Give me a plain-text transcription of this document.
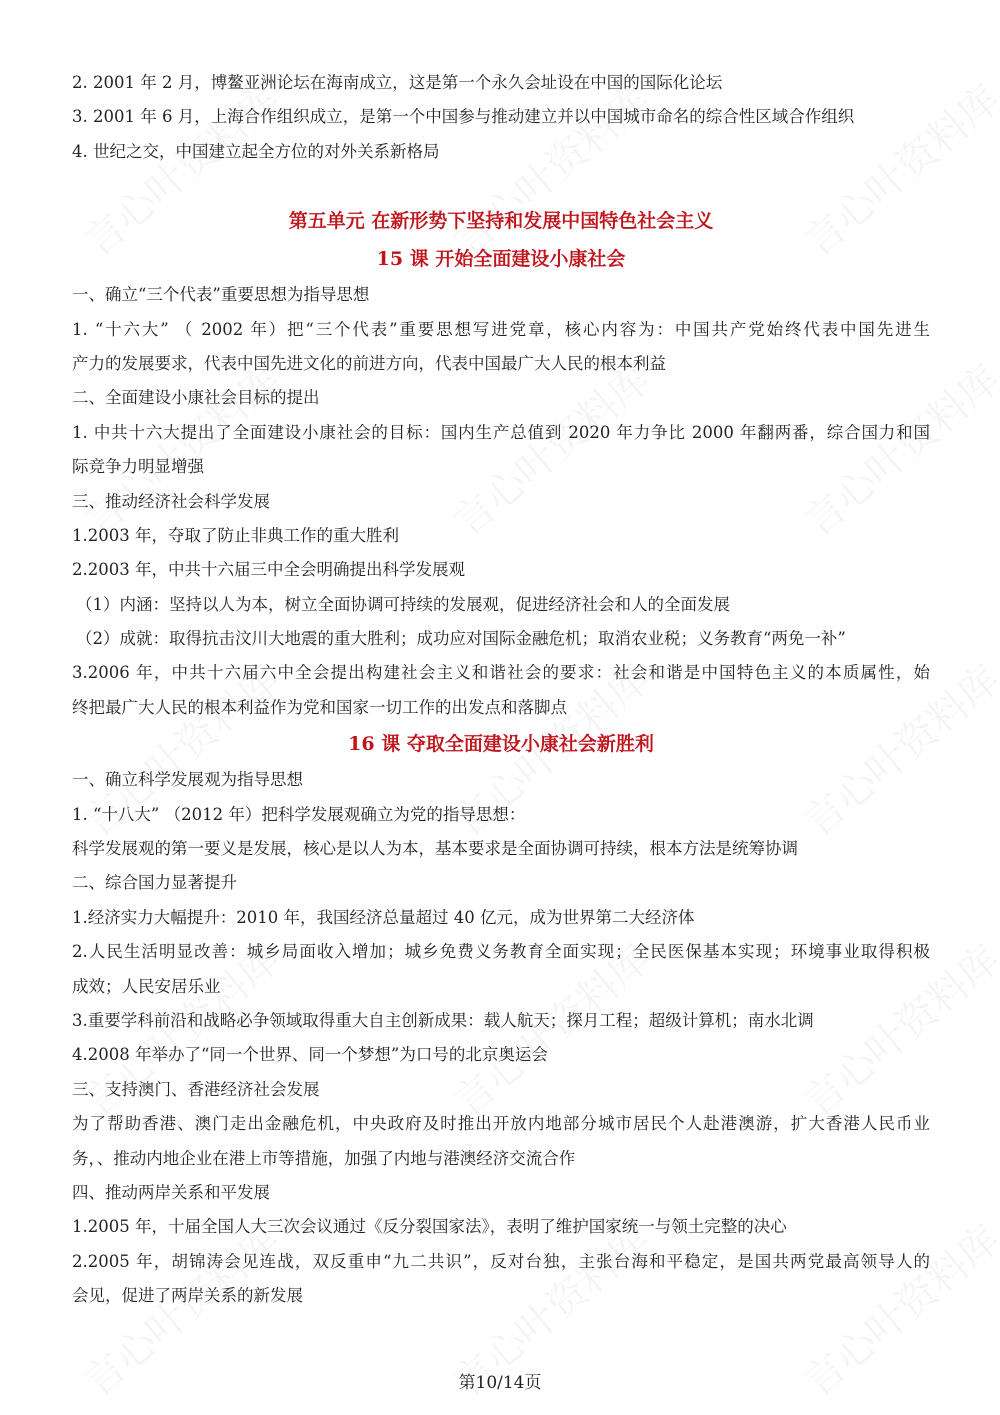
2. 2001 年 2 月，博鳌亚洲论坛在海南成立，这是第一个永久会址设在中国的国际化论坛
3. 2001 年 6 月，上海合作组织成立，是第一个中国参与推动建立并以中国城市命名的综合性区域合作组织
4. 世纪之交，中国建立起全方位的对外关系新格局
第五单元 在新形势下坚持和发展中国特色社会主义
15 课 开始全面建设小康社会
一、确立“三个代表”重要思想为指导思想
1. “十六大” （ 2002 年）把“三个代表”重要思想写进党章，核心内容为：中国共产党始终代表中国先进生
产力的发展要求，代表中国先进文化的前进方向，代表中国最广大人民的根本利益
二、全面建设小康社会目标的提出
1. 中共十六大提出了全面建设小康社会的目标：国内生产总值到 2020 年力争比 2000 年翻两番，综合国力和国
际竞争力明显增强
三、推动经济社会科学发展
1.2003 年，夺取了防止非典工作的重大胜利
2.2003 年，中共十六届三中全会明确提出科学发展观
（1）内涵：坚持以人为本，树立全面协调可持续的发展观，促进经济社会和人的全面发展
（2）成就：取得抗击汶川大地震的重大胜利；成功应对国际金融危机；取消农业税；义务教育“两免一补”
3.2006 年，中共十六届六中全会提出构建社会主义和谐社会的要求：社会和谐是中国特色主义的本质属性，始
终把最广大人民的根本利益作为党和国家一切工作的出发点和落脚点
16 课 夺取全面建设小康社会新胜利
一、确立科学发展观为指导思想
1. “十八大” （2012 年）把科学发展观确立为党的指导思想：
科学发展观的第一要义是发展，核心是以人为本，基本要求是全面协调可持续，根本方法是统筹协调
二、综合国力显著提升
1.经济实力大幅提升：2010 年，我国经济总量超过 40 亿元，成为世界第二大经济体
2.人民生活明显改善：城乡局面收入增加；城乡免费义务教育全面实现；全民医保基本实现；环境事业取得积极
成效；人民安居乐业
3.重要学科前沿和战略必争领域取得重大自主创新成果：载人航天；探月工程；超级计算机；南水北调
4.2008 年举办了“同一个世界、同一个梦想”为口号的北京奥运会
三、支持澳门、香港经济社会发展
为了帮助香港、澳门走出金融危机，中央政府及时推出开放内地部分城市居民个人赴港澳游，扩大香港人民币业
务，、推动内地企业在港上市等措施，加强了内地与港澳经济交流合作
四、推动两岸关系和平发展
1.2005 年，十届全国人大三次会议通过《反分裂国家法》，表明了维护国家统一与领土完整的决心
2.2005 年，胡锦涛会见连战，双反重申“九二共识”，反对台独，主张台海和平稳定，是国共两党最高领导人的
会见，促进了两岸关系的新发展
第10/14页
